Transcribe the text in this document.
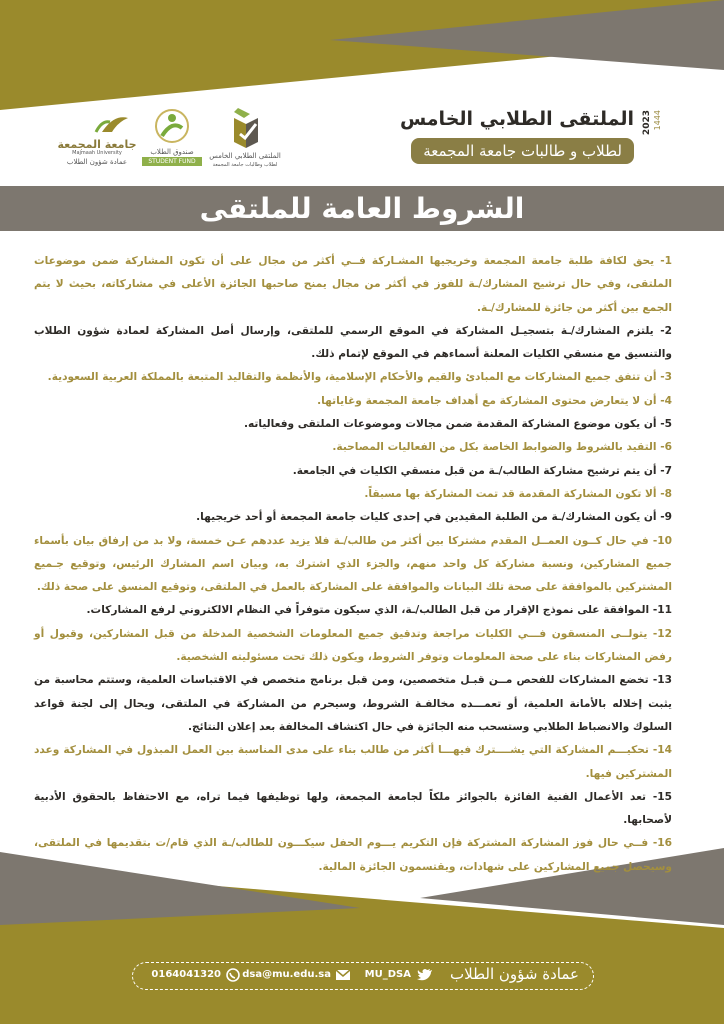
2023 1444
الملتقى الطلابي الخامس
لطلاب و طالبات جامعة المجمعة
الملتقى الطلابي الخامس
لطلاب وطالبات جامعة المجمعة
صندوق الطلاب
STUDENT FUND
جامعة المجمعة
Majmaah University
عمادة شؤون الطلاب
الشروط العامة للملتقى

1- يحق لكافة طلبة جامعة المجمعة وخريجيها المشـاركة فــي أكثر من مجال على أن تكون المشاركة ضمن موضوعات الملتقى، وفي حال ترشيح المشارك/ـة للفوز في أكثر من مجال يمنح صاحبها الجائزة الأعلى في مشاركاته، بحيث لا يتم الجمع بين أكثر من جائزة للمشارك/ـة.

2- يلتزم المشارك/ـة بتسجيـل المشاركة في الموقع الرسمي للملتقى، وإرسال أصل المشاركة لعمادة شؤون الطلاب والتنسيق مع منسقي الكليات المعلنة أسماءهم في الموقع لإتمام ذلك.

3- أن تتفق جميع المشاركات مع المبادئ والقيم والأحكام الإسلامية، والأنظمة والتقاليد المتبعة بالمملكة العربية السعودية.

4- أن لا يتعارض محتوى المشاركة مع أهداف جامعة المجمعة وغاياتها.

5- أن يكون موضوع المشاركة المقدمة ضمن مجالات وموضوعات الملتقى وفعالياته.

6- التقيد بالشروط والضوابط الخاصة بكل من الفعاليات المصاحبة.

7- أن يتم ترشيح مشاركة الطالب/ـة من قبل منسقي الكليات في الجامعة.

8- ألا تكون المشاركة المقدمة قد تمت المشاركة بها مسبقاً.

9- أن يكون المشارك/ـة من الطلبة المقيدين في إحدى كليات جامعة المجمعة أو أحد خريجيها.

10- في حال كــون العمــل المقدم مشتركا بين أكثر من طالب/ـة فلا يزيد عددهم عـن خمسة، ولا بد من إرفاق بيان بأسماء جميع المشاركين، ونسبة مشاركة كل واحد منهم، والجزء الذي اشترك به، وبيان اسم المشارك الرئيس، وتوقيع جـميع المشتركين بالموافقة على صحة تلك البيانات والموافقة على المشاركة بالعمل في الملتقى، وتوقيع المنسق على صحة ذلك.

11- الموافقة على نموذج الإقرار من قبل الطالب/ـة، الذي سيكون متوفراً في النظام الالكتروني لرفع المشاركات.

12- يتولــى المنسقون فـــي الكليات مراجعة وتدقيق جميع المعلومات الشخصية المدخلة من قبل المشاركين، وقبول أو رفض المشاركات بناء على صحة المعلومات وتوفر الشروط، ويكون ذلك تحت مسئوليته الشخصية.

13- تخضع المشاركات للفحص مــن قبـل متخصصين، ومن قبل برنامج متخصص في الاقتباسات العلمية، وستتم محاسبة من يثبت إخلاله بالأمانة العلمية، أو تعمـــده مخالفـة الشروط، وسيحرم من المشاركة في الملتقى، ويحال إلى لجنة قواعد السلوك والانضباط الطلابي وستسحب منه الجائزة في حال اكتشاف المخالفة بعد إعلان النتائج.

14- تحكيـــم المشاركة التي يشــــترك فيهـــا أكثر من طالب بناء على مدى المناسبة بين العمل المبذول في المشاركة وعدد المشتركين فيها.

15- تعد الأعمال الفنية الفائزة بالجوائز ملكاً لجامعة المجمعة، ولها توظيفها فيما تراه، مع الاحتفاظ بالحقوق الأدبية لأصحابها.

16- فــي حال فوز المشاركة المشتركة فإن التكريم يـــوم الحفل سيكـــون للطالب/ـة الذي قام/ت بتقديمها في الملتقى، وسيحصل جميع المشاركين على شهادات، ويقتسمون الجائزة المالية.

عمادة شؤون الطلاب
MU_DSA
dsa@mu.edu.sa
0164041320
